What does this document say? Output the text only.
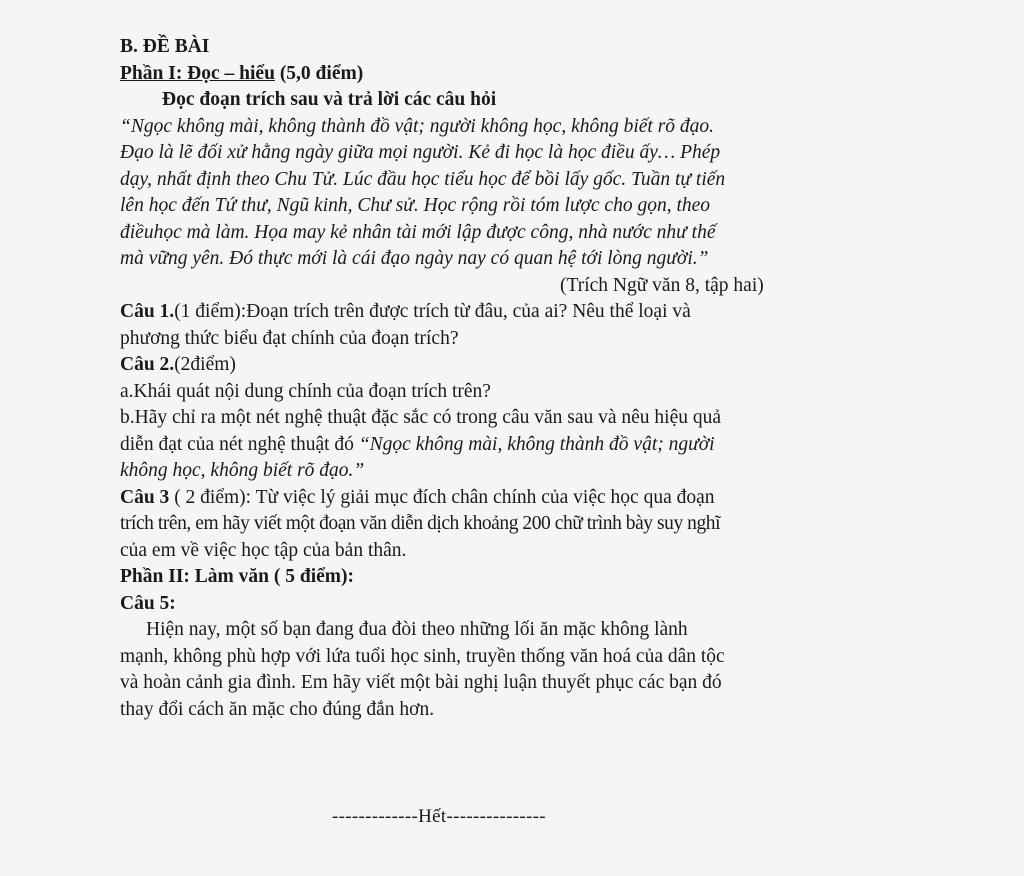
B. ĐỀ BÀI
Phần I: Đọc – hiểu (5,0 điểm)
Đọc đoạn trích sau và trả lời các câu hỏi
“Ngọc không mài, không thành đồ vật; người không học, không biết rõ đạo.
Đạo là lẽ đối xử hằng ngày giữa mọi người. Kẻ đi học là học điều ấy… Phép
dạy, nhất định theo Chu Tử. Lúc đầu học tiểu học để bồi lấy gốc. Tuần tự tiến
lên học đến Tứ thư, Ngũ kinh, Chư sử. Học rộng rồi tóm lược cho gọn, theo
điềuhọc mà làm. Họa may kẻ nhân tài mới lập được công, nhà nước như thế
mà vững yên. Đó thực mới là cái đạo ngày nay có quan hệ tới lòng người.”
(Trích Ngữ văn 8, tập hai)
Câu 1.(1 điểm):Đoạn trích trên được trích từ đâu, của ai? Nêu thể loại và
phương thức biểu đạt chính của đoạn trích?
Câu 2.(2điểm)
a.Khái quát nội dung chính của đoạn trích trên?
b.Hãy chỉ ra một nét nghệ thuật đặc sắc có trong câu văn sau và nêu hiệu quả
diễn đạt của nét nghệ thuật đó “Ngọc không mài, không thành đồ vật; người
không học, không biết rõ đạo.”
Câu 3 ( 2 điểm): Từ việc lý giải mục đích chân chính của việc học qua đoạn
trích trên, em hãy viết một đoạn văn diễn dịch khoảng 200 chữ trình bày suy nghĩ
của em về việc học tập của bản thân.
Phần II: Làm văn ( 5 điểm):
Câu 5:
Hiện nay, một số bạn đang đua đòi theo những lối ăn mặc không lành
mạnh, không phù hợp với lứa tuổi học sinh, truyền thống văn hoá của dân tộc
và hoàn cảnh gia đình. Em hãy viết một bài nghị luận thuyết phục các bạn đó
thay đổi cách ăn mặc cho đúng đắn hơn.
-------------Hết---------------
